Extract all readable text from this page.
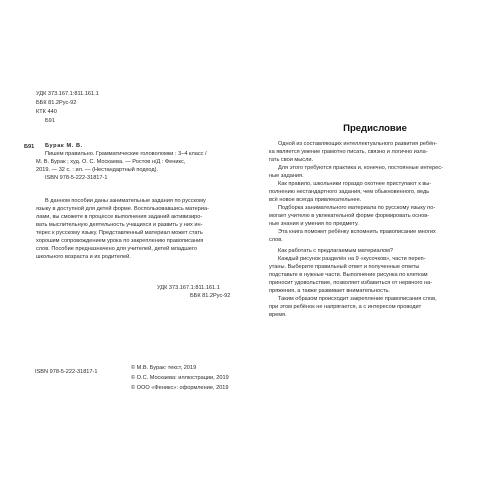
УДК 373.167.1:811.161.1
ББК 81.2Рус-92
КТК 440
Б91
Б91 Бурак М. В.
Пишем правильно. Грамматические головоломки : 3–4 класс /
М. В. Бурак ; худ. О. С. Москаева. — Ростов н/Д : Феникс,
2019. — 32 с. : ил. — (Нестандартный подход).
ISBN 978-5-222-31817-1
В данном пособии даны занимательные задания по русскому
языку в доступной для детей форме. Воспользовавшись материа-
лами, вы сможете в процессе выполнения заданий активизиро-
вать мыслительную деятельность учащихся и развить у них ин-
терес к русскому языку. Представленный материал может стать
хорошим сопровождением урока по закреплению правописания
слов. Пособие предназначено для учителей, детей младшего
школьного возраста и их родителей.
УДК 373.167.1:811.161.1
ББК 81.2Рус-92
ISBN 978-5-222-31817-1
© М.В. Бурак: текст, 2019
© О.С. Москаева: иллюстрации, 2019
© ООО «Феникс»: оформление, 2019
Предисловие
Одной из составляющих интеллектуального развития ребён-
ка является умение грамотно писать, связно и логично изла-
гать свои мысли.
Для этого требуются практика и, конечно, постоянные интерес-
ные задания.
Как правило, школьники гораздо охотнее приступают к вы-
полнению нестандартного задания, чем обыкновенного, ведь
всё новое всегда привлекательнее.
Подборка занимательного материала по русскому языку по-
могает учителю в увлекательной форме формировать основ-
ные знания и умения по предмету.
Эта книга поможет ребёнку вспомнить правописание многих
слов.
Как работать с предлагаемым материалом?
Каждый рисунок разделён на 9 «кусочков», части переп-
утаны. Выберите правильный ответ и полученные ответы
подставьте в нужные части. Выполнение рисунка по клеткам
приносит удовольствие, позволяет избавиться от нервного на-
пряжения, а также развивает внимательность.
Таким образом происходит закрепление правописания слов,
при этом ребёнок не напрягается, а с интересом проводит
время.
